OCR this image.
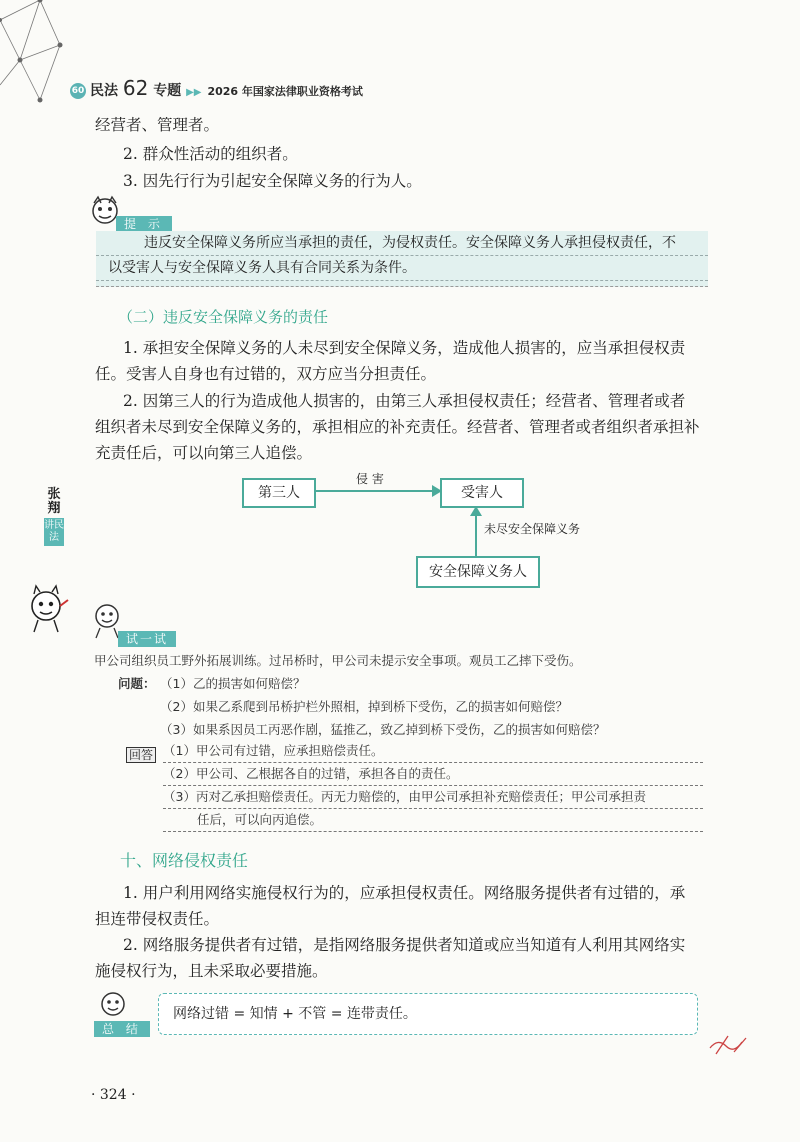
60 民法 62 专题 ▶▶ 2026 年国家法律职业资格考试

经营者、管理者。

2. 群众性活动的组织者。

3. 因先行行为引起安全保障义务的行为人。

提 示
违反安全保障义务所应当承担的责任，为侵权责任。安全保障义务人承担侵权责任，不
以受害人与安全保障义务人具有合同关系为条件。

（二）违反安全保障义务的责任

1. 承担安全保障义务的人未尽到安全保障义务，造成他人损害的，应当承担侵权责

任。受害人自身也有过错的，双方应当分担责任。

2. 因第三人的行为造成他人损害的，由第三人承担侵权责任；经营者、管理者或者

组织者未尽到安全保障义务的，承担相应的补充责任。经营者、管理者或者组织者承担补

充责任后，可以向第三人追偿。

第三人	受害人
安全保障义务人

侵 害

未尽安全保障义务

张翔
讲民法
试一试

甲公司组织员工野外拓展训练。过吊桥时，甲公司未提示安全事项。观员工乙摔下受伤。

问题： （1）乙的损害如何赔偿？

（2）如果乙系爬到吊桥护栏外照相，掉到桥下受伤，乙的损害如何赔偿？

（3）如果系因员工丙恶作剧，猛推乙，致乙掉到桥下受伤，乙的损害如何赔偿？

回答 （1）甲公司有过错，应承担赔偿责任。
（2）甲公司、乙根据各自的过错，承担各自的责任。
（3）丙对乙承担赔偿责任。丙无力赔偿的，由甲公司承担补充赔偿责任；甲公司承担责
任后，可以向丙追偿。

十、网络侵权责任

1. 用户利用网络实施侵权行为的，应承担侵权责任。网络服务提供者有过错的，承

担连带侵权责任。

2. 网络服务提供者有过错，是指网络服务提供者知道或应当知道有人利用其网络实

施侵权行为，且未采取必要措施。

总 结

网络过错 = 知情 + 不管 = 连带责任。

· 324 ·
